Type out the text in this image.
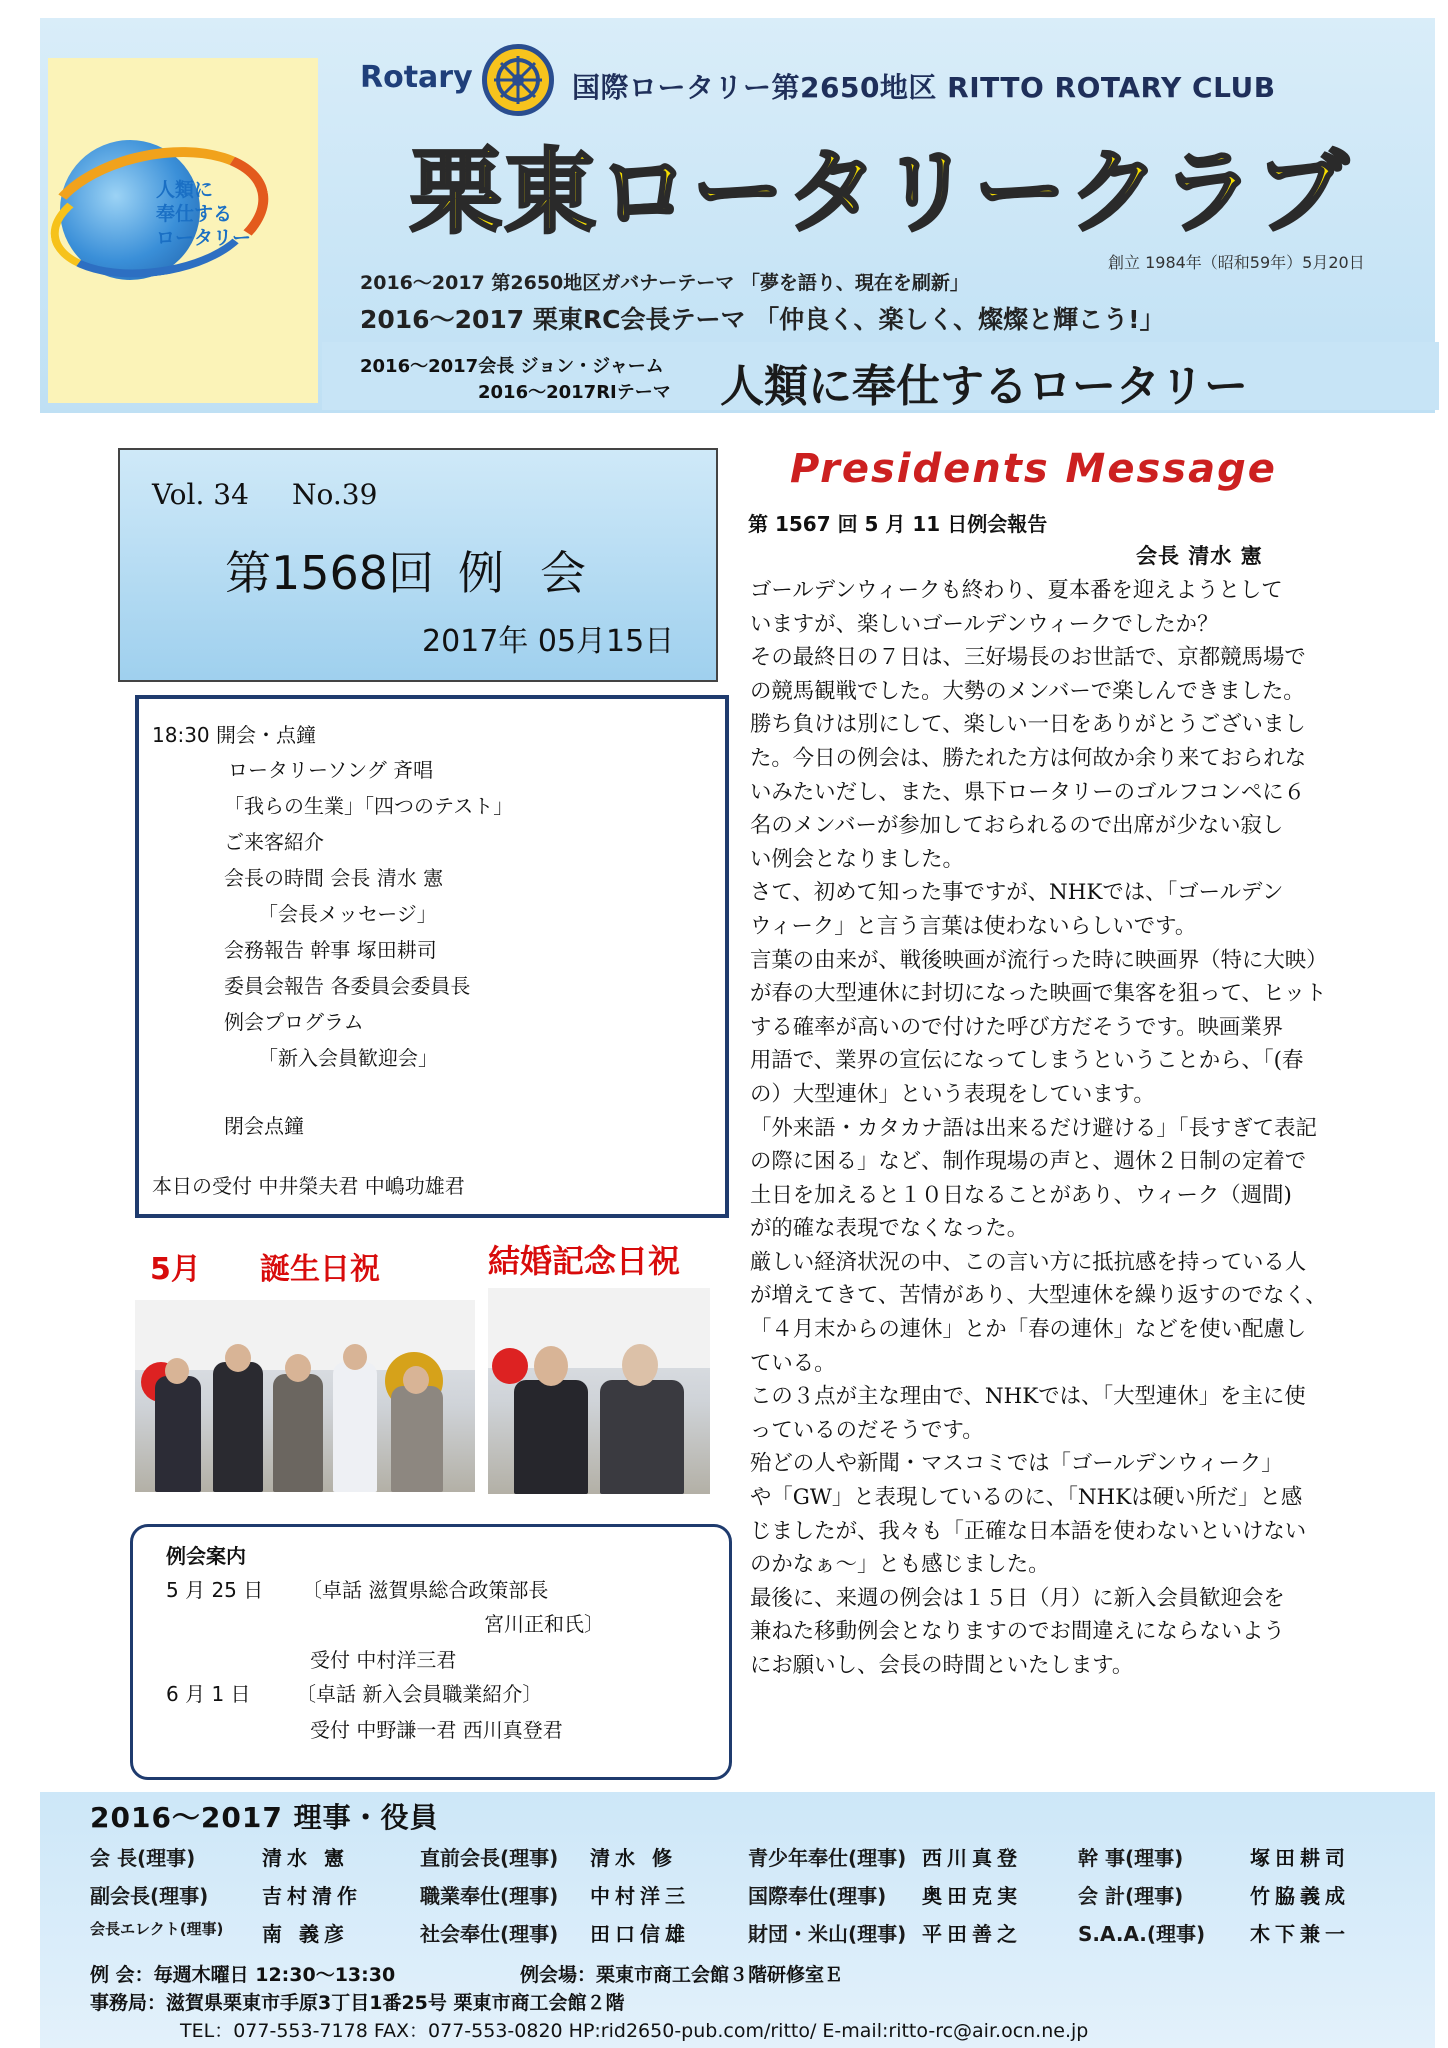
人類に
奉仕する
ロータリー
Rotary	国際ロータリー第2650地区 RITTO ROTARY CLUB
栗東ロータリークラブ
創立 1984年（昭和59年）5月20日
2016～2017 第2650地区ガバナーテーマ 「夢を語り、現在を刷新」
2016～2017 栗東RC会長テーマ 「仲良く、楽しく、燦燦と輝こう!」
2016～2017会長 ジョン・ジャーム
2016～2017RIテーマ 人類に奉仕するロータリー
Vol. 34 No.39
第1568回 例会
2017年 05月15日
18:30 開会・点鐘
ロータリーソング 斉唱
「我らの生業」「四つのテスト」
ご来客紹介
会長の時間 会長 清水 憲
「会長メッセージ」
会務報告 幹事 塚田耕司
委員会報告 各委員会委員長
例会プログラム
「新入会員歓迎会」
閉会点鐘
本日の受付 中井榮夫君 中嶋功雄君
5月 誕生日祝	結婚記念日祝
例会案内
5 月 25 日 〔卓話 滋賀県総合政策部長
宮川正和氏〕
受付 中村洋三君
6 月 1 日 〔卓話 新入会員職業紹介〕
受付 中野謙一君 西川真登君
Presidents Message
第 1567 回 5 月 11 日例会報告
会長 清水 憲
ゴールデンウィークも終わり、夏本番を迎えようとして
いますが、楽しいゴールデンウィークでしたか？
その最終日の７日は、三好場長のお世話で、京都競馬場で
の競馬観戦でした。大勢のメンバーで楽しんできました。
勝ち負けは別にして、楽しい一日をありがとうございまし
た。今日の例会は、勝たれた方は何故か余り来ておられな
いみたいだし、また、県下ロータリーのゴルフコンペに６
名のメンバーが参加しておられるので出席が少ない寂し
い例会となりました。
さて、初めて知った事ですが、NHKでは、「ゴールデン
ウィーク」と言う言葉は使わないらしいです。
言葉の由来が、戦後映画が流行った時に映画界（特に大映）
が春の大型連休に封切になった映画で集客を狙って、ヒット
する確率が高いので付けた呼び方だそうです。映画業界
用語で、業界の宣伝になってしまうということから、「(春
の）大型連休」という表現をしています。
「外来語・カタカナ語は出来るだけ避ける」「長すぎて表記
の際に困る」など、制作現場の声と、週休２日制の定着で
土日を加えると１０日なることがあり、ウィーク（週間)
が的確な表現でなくなった。
厳しい経済状況の中、この言い方に抵抗感を持っている人
が増えてきて、苦情があり、大型連休を繰り返すのでなく、
「４月末からの連休」とか「春の連休」などを使い配慮し
ている。
この３点が主な理由で、NHKでは、「大型連休」を主に使
っているのだそうです。
殆どの人や新聞・マスコミでは「ゴールデンウィーク」
や「GW」と表現しているのに、「NHKは硬い所だ」と感
じましたが、我々も「正確な日本語を使わないといけない
のかなぁ～」とも感じました。
最後に、来週の例会は１５日（月）に新入会員歓迎会を
兼ねた移動例会となりますのでお間違えにならないよう
にお願いし、会長の時間といたします。
2016～2017 理事・役員
会 長(理事)	清水 憲	直前会長(理事) 清水 修	青少年奉仕(理事) 西川真登	幹 事(理事)	塚田耕司
副会長(理事)	吉村清作	職業奉仕(理事) 中村洋三	国際奉仕(理事) 奥田克実	会 計(理事)	竹脇義成
会長エレクト(理事) 南 義彦	社会奉仕(理事) 田口信雄	財団・米山(理事) 平田善之	S.A.A.(理事) 木下兼一
例 会：毎週木曜日 12:30～13:30	例会場：栗東市商工会館３階研修室Ｅ
事務局：滋賀県栗東市手原3丁目1番25号 栗東市商工会館２階
TEL：077-553-7178 FAX：077-553-0820 HP:rid2650-pub.com/ritto/ E-mail:ritto-rc@air.ocn.ne.jp
